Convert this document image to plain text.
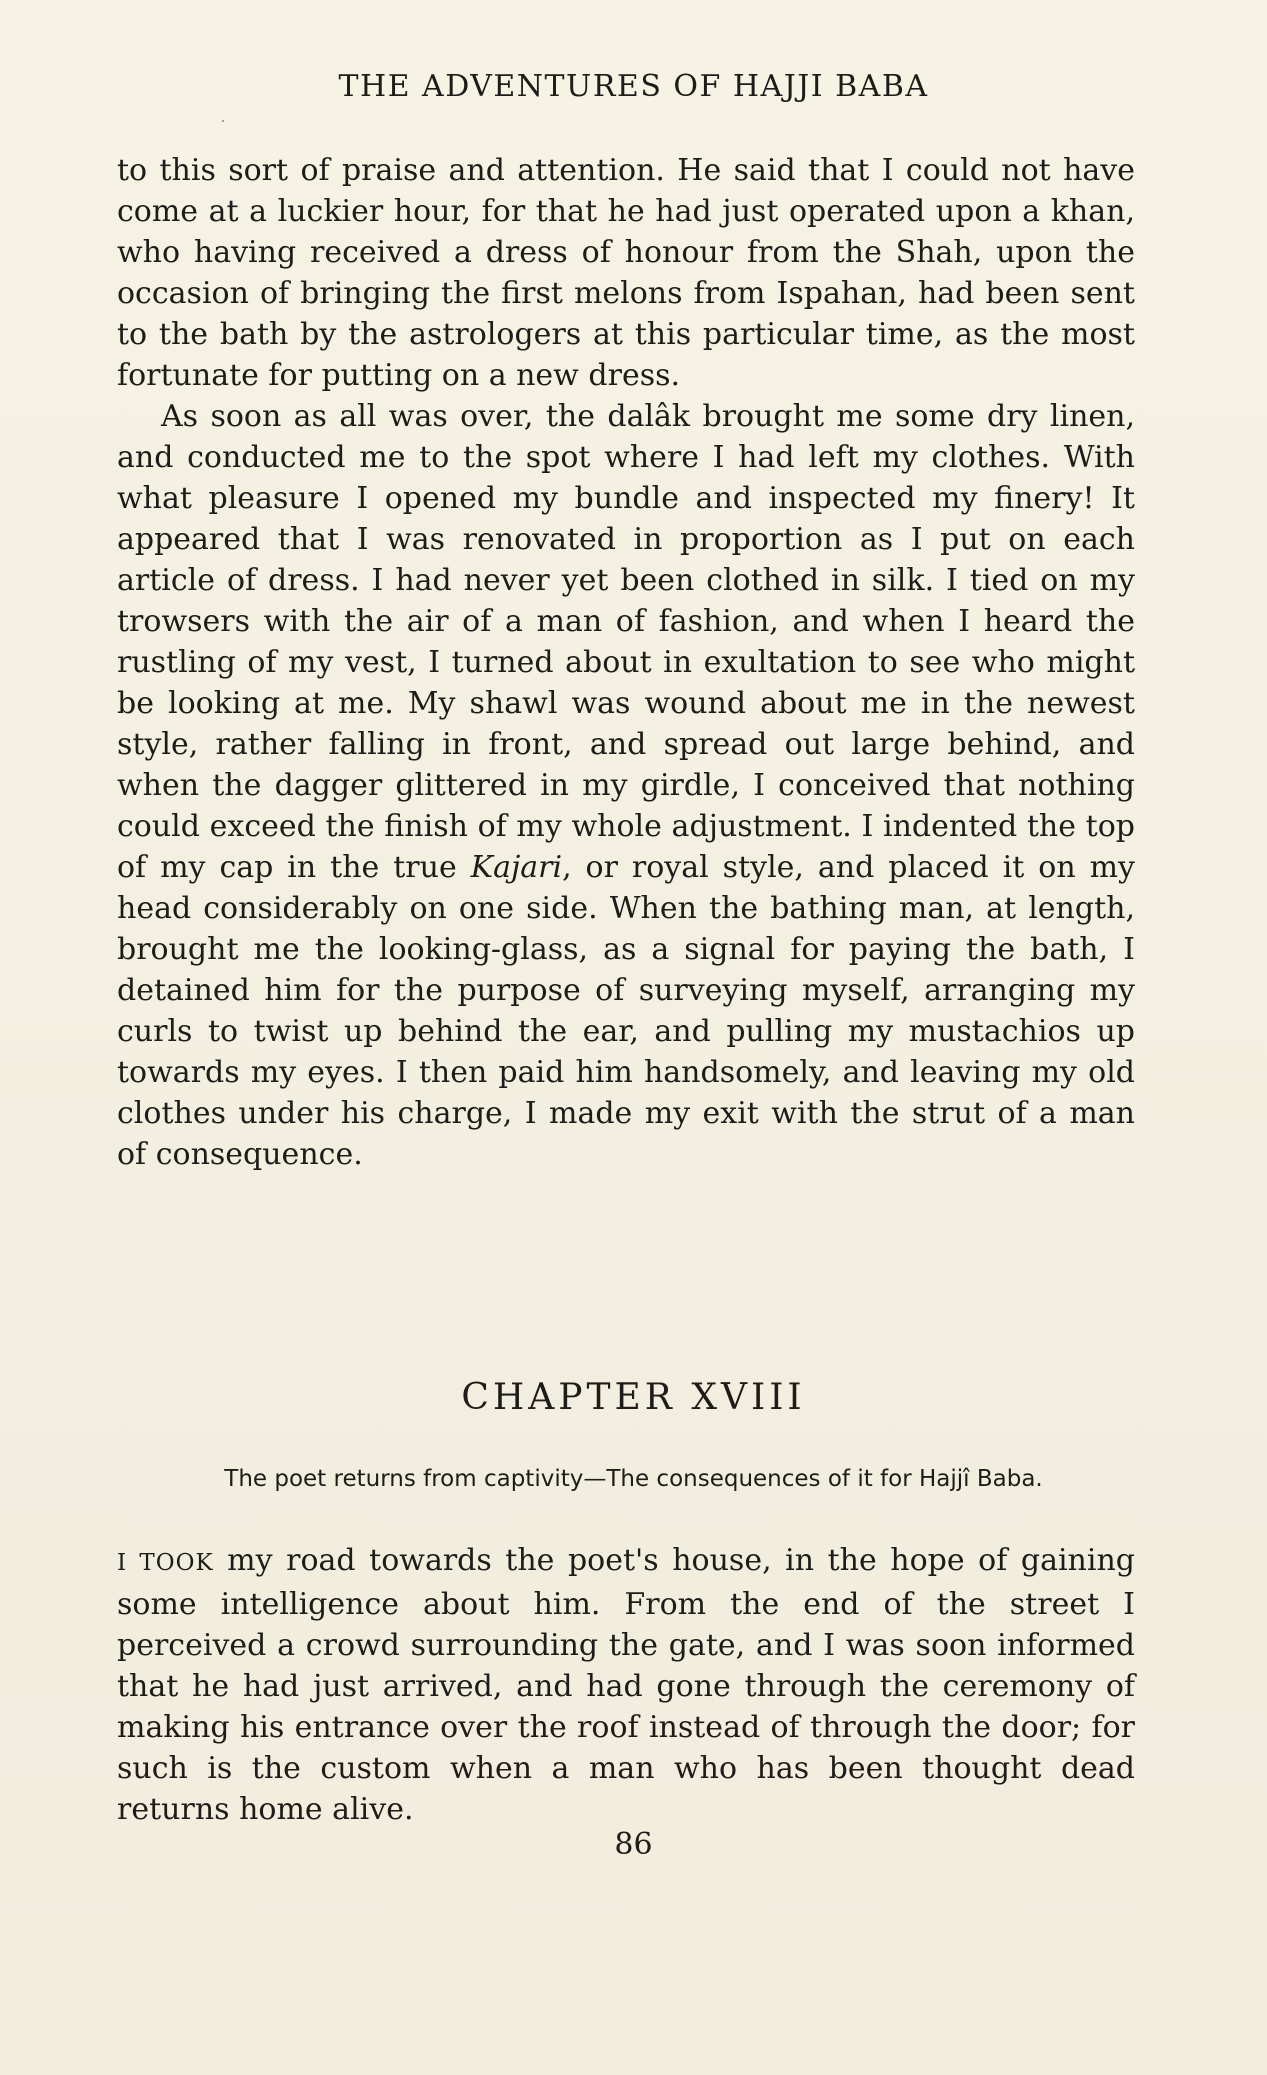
THE ADVENTURES OF HAJJI BABA

to this sort of praise and attention. He said that I could not have come at a luckier hour, for that he had just operated upon a khan, who having received a dress of honour from the Shah, upon the occasion of bringing the first melons from Ispahan, had been sent to the bath by the astrologers at this particular time, as the most fortunate for putting on a new dress.

As soon as all was over, the dalâk brought me some dry linen, and conducted me to the spot where I had left my clothes. With what pleasure I opened my bundle and inspected my finery! It appeared that I was renovated in proportion as I put on each article of dress. I had never yet been clothed in silk. I tied on my trowsers with the air of a man of fashion, and when I heard the rustling of my vest, I turned about in exultation to see who might be looking at me. My shawl was wound about me in the newest style, rather falling in front, and spread out large behind, and when the dagger glittered in my girdle, I conceived that nothing could exceed the finish of my whole adjustment. I indented the top of my cap in the true Kajari, or royal style, and placed it on my head considerably on one side. When the bathing man, at length, brought me the looking-glass, as a signal for paying the bath, I detained him for the purpose of surveying myself, arranging my curls to twist up behind the ear, and pulling my mustachios up towards my eyes. I then paid him handsomely, and leaving my old clothes under his charge, I made my exit with the strut of a man of consequence.

CHAPTER XVIII
The poet returns from captivity—The consequences of it for Hajjî Baba.

I TOOK my road towards the poet's house, in the hope of gaining some intelligence about him. From the end of the street I perceived a crowd surrounding the gate, and I was soon informed that he had just arrived, and had gone through the ceremony of making his entrance over the roof instead of through the door; for such is the custom when a man who has been thought dead returns home alive.

86
